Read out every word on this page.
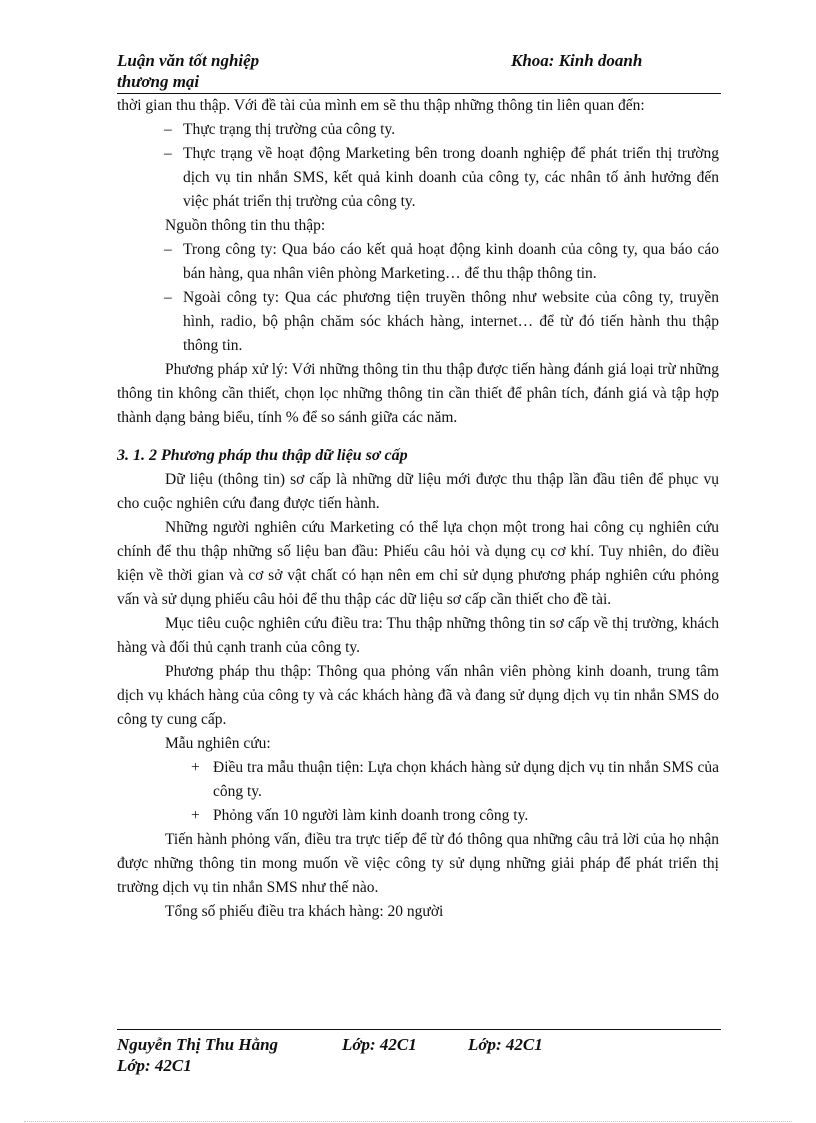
Luận văn tốt nghiệp
thương mại
Khoa: Kinh doanh

thời gian thu thập. Với đề tài của mình em sẽ thu thập những thông tin liên quan đến:

– Thực trạng thị trường của công ty.

– Thực trạng về hoạt động Marketing bên trong doanh nghiệp để phát triển thị trường dịch vụ tin nhắn SMS, kết quả kinh doanh của công ty, các nhân tố ảnh hưởng đến việc phát triển thị trường của công ty.

Nguồn thông tin thu thập:

– Trong công ty: Qua báo cáo kết quả hoạt động kinh doanh của công ty, qua báo cáo bán hàng, qua nhân viên phòng Marketing… để thu thập thông tin.

– Ngoài công ty: Qua các phương tiện truyền thông như website của công ty, truyền hình, radio, bộ phận chăm sóc khách hàng, internet… để từ đó tiến hành thu thập thông tin.

Phương pháp xử lý: Với những thông tin thu thập được tiến hàng đánh giá loại trừ những thông tin không cần thiết, chọn lọc những thông tin cần thiết để phân tích, đánh giá và tập hợp thành dạng bảng biểu, tính % để so sánh giữa các năm.

3. 1. 2 Phương pháp thu thập dữ liệu sơ cấp

Dữ liệu (thông tin) sơ cấp là những dữ liệu mới được thu thập lần đầu tiên để phục vụ cho cuộc nghiên cứu đang được tiến hành.

Những người nghiên cứu Marketing có thể lựa chọn một trong hai công cụ nghiên cứu chính để thu thập những số liệu ban đầu: Phiếu câu hỏi và dụng cụ cơ khí. Tuy nhiên, do điều kiện về thời gian và cơ sở vật chất có hạn nên em chỉ sử dụng phương pháp nghiên cứu phỏng vấn và sử dụng phiếu câu hỏi để thu thập các dữ liệu sơ cấp cần thiết cho đề tài.

Mục tiêu cuộc nghiên cứu điều tra: Thu thập những thông tin sơ cấp về thị trường, khách hàng và đối thủ cạnh tranh của công ty.

Phương pháp thu thập: Thông qua phỏng vấn nhân viên phòng kinh doanh, trung tâm dịch vụ khách hàng của công ty và các khách hàng đã và đang sử dụng dịch vụ tin nhắn SMS do công ty cung cấp.

Mẫu nghiên cứu:

+ Điều tra mẫu thuận tiện: Lựa chọn khách hàng sử dụng dịch vụ tin nhắn SMS của công ty.

+ Phỏng vấn 10 người làm kinh doanh trong công ty.

Tiến hành phỏng vấn, điều tra trực tiếp để từ đó thông qua những câu trả lời của họ nhận được những thông tin mong muốn về việc công ty sử dụng những giải pháp để phát triển thị trường dịch vụ tin nhắn SMS như thế nào.

Tổng số phiếu điều tra khách hàng: 20 người

Nguyễn Thị Thu Hằng	Lớp: 42C1	Lớp: 42C1
Lớp: 42C1
